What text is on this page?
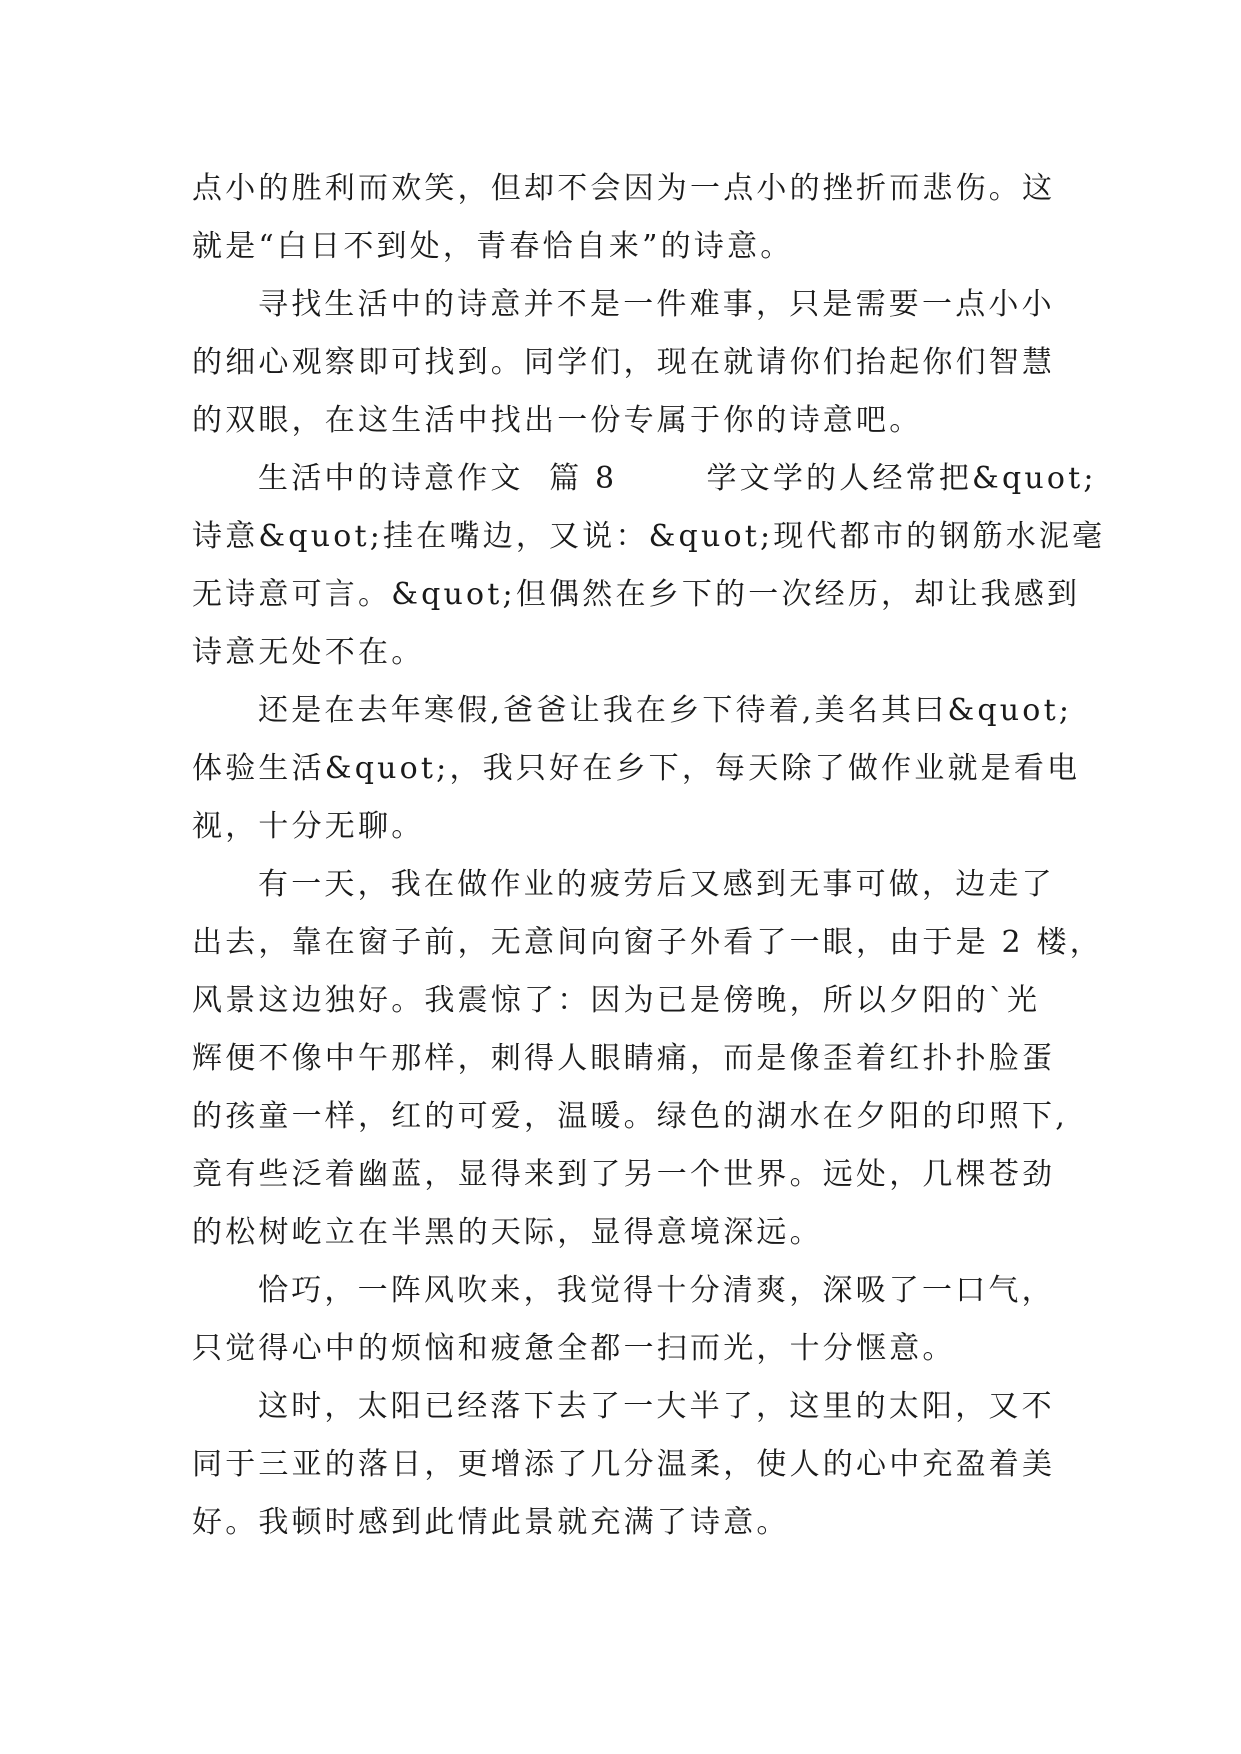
点小的胜利而欢笑，但却不会因为一点小的挫折而悲伤。这
就是“白日不到处，青春恰自来”的诗意。
寻找生活中的诗意并不是一件难事，只是需要一点小小
的细心观察即可找到。同学们，现在就请你们抬起你们智慧
的双眼，在这生活中找出一份专属于你的诗意吧。
生活中的诗意作文  篇 8       学文学的人经常把&quot;
诗意&quot;挂在嘴边，又说：&quot;现代都市的钢筋水泥毫
无诗意可言。&quot;但偶然在乡下的一次经历，却让我感到
诗意无处不在。
还是在去年寒假,爸爸让我在乡下待着,美名其曰&quot;
体验生活&quot;，我只好在乡下，每天除了做作业就是看电
视，十分无聊。
有一天，我在做作业的疲劳后又感到无事可做，边走了
出去，靠在窗子前，无意间向窗子外看了一眼，由于是 2 楼，
风景这边独好。我震惊了：因为已是傍晚，所以夕阳的`光
辉便不像中午那样，刺得人眼睛痛，而是像歪着红扑扑脸蛋
的孩童一样，红的可爱，温暖。绿色的湖水在夕阳的印照下,
竟有些泛着幽蓝，显得来到了另一个世界。远处，几棵苍劲
的松树屹立在半黑的天际，显得意境深远。
恰巧，一阵风吹来，我觉得十分清爽，深吸了一口气，
只觉得心中的烦恼和疲惫全都一扫而光，十分惬意。
这时，太阳已经落下去了一大半了，这里的太阳，又不
同于三亚的落日，更增添了几分温柔，使人的心中充盈着美
好。我顿时感到此情此景就充满了诗意。
